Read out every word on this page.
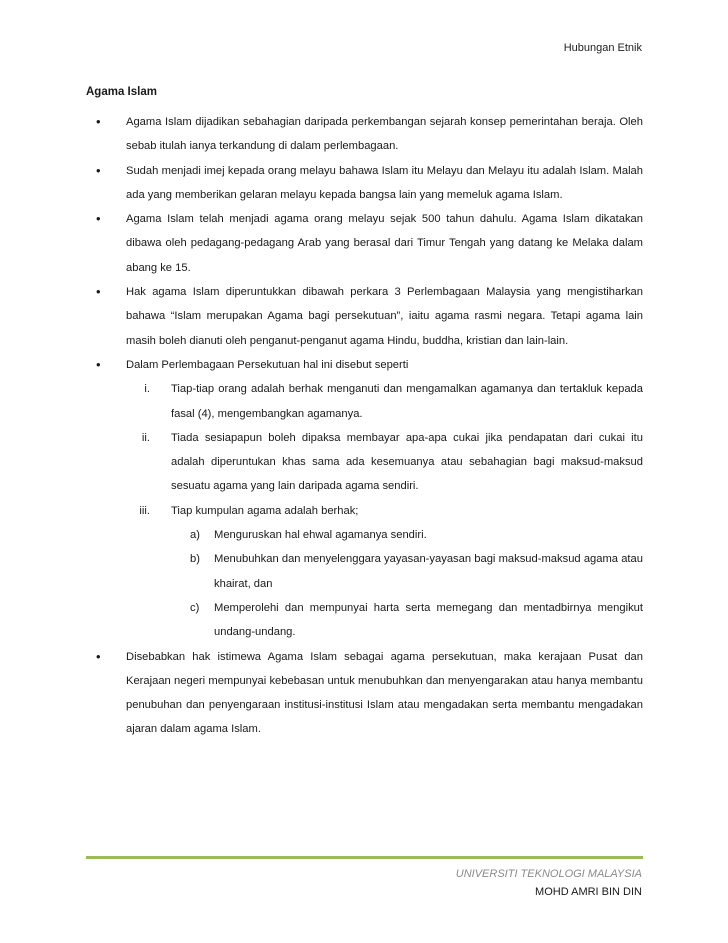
Hubungan Etnik
Agama Islam
• Agama Islam dijadikan sebahagian daripada perkembangan sejarah konsep pemerintahan beraja. Oleh sebab itulah ianya terkandung di dalam perlembagaan.
• Sudah menjadi imej kepada orang melayu bahawa Islam itu Melayu dan Melayu itu adalah Islam. Malah ada yang memberikan gelaran melayu kepada bangsa lain yang memeluk agama Islam.
• Agama Islam telah menjadi agama orang melayu sejak 500 tahun dahulu. Agama Islam dikatakan dibawa oleh pedagang-pedagang Arab yang berasal dari Timur Tengah yang datang ke Melaka dalam abang ke 15.
• Hak agama Islam diperuntukkan dibawah perkara 3 Perlembagaan Malaysia yang mengistiharkan bahawa “Islam merupakan Agama bagi persekutuan”, iaitu agama rasmi negara. Tetapi agama lain masih boleh dianuti oleh penganut-penganut agama Hindu, buddha, kristian dan lain-lain.
• Dalam Perlembagaan Persekutuan hal ini disebut seperti
i. Tiap-tiap orang adalah berhak menganuti dan mengamalkan agamanya dan tertakluk kepada fasal (4), mengembangkan agamanya.
ii. Tiada sesiapapun boleh dipaksa membayar apa-apa cukai jika pendapatan dari cukai itu adalah diperuntukan khas sama ada kesemuanya atau sebahagian bagi maksud-maksud sesuatu agama yang lain daripada agama sendiri.
iii. Tiap kumpulan agama adalah berhak;
a) Menguruskan hal ehwal agamanya sendiri.
b) Menubuhkan dan menyelenggara yayasan-yayasan bagi maksud-maksud agama atau khairat, dan
c) Memperolehi dan mempunyai harta serta memegang dan mentadbirnya mengikut undang-undang.
• Disebabkan hak istimewa Agama Islam sebagai agama persekutuan, maka kerajaan Pusat dan Kerajaan negeri mempunyai kebebasan untuk menubuhkan dan menyengarakan atau hanya membantu penubuhan dan penyengaraan institusi-institusi Islam atau mengadakan serta membantu mengadakan ajaran dalam agama Islam.
UNIVERSITI TEKNOLOGI MALAYSIA
MOHD AMRI BIN DIN
